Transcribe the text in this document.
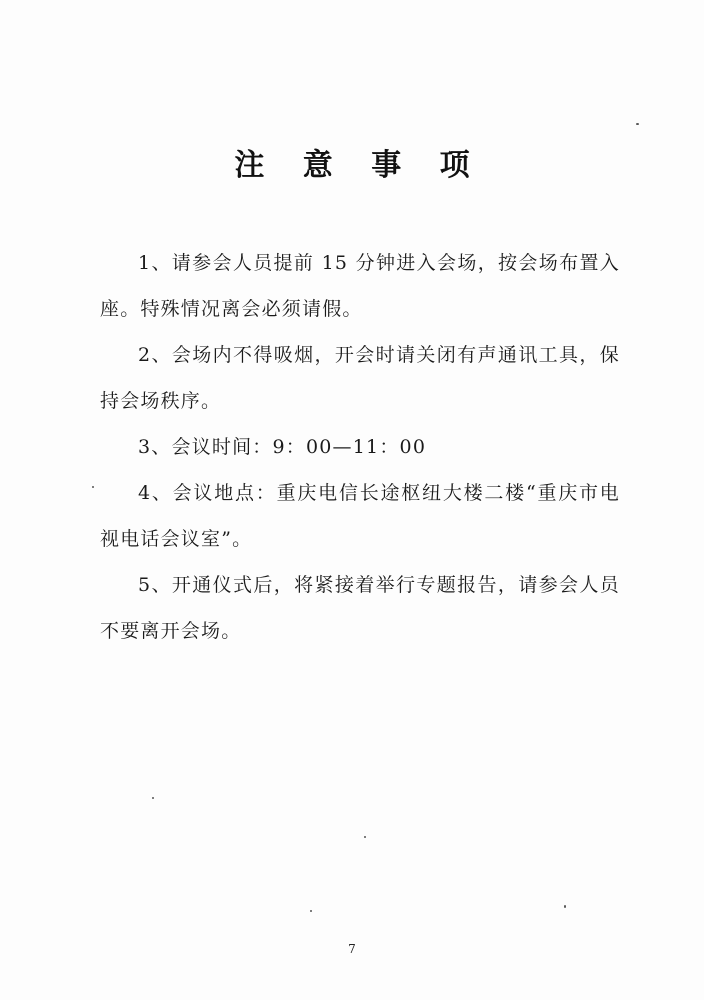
注 意 事 项

1、请参会人员提前 15 分钟进入会场，按会场布置入座。特殊情况离会必须请假。

2、会场内不得吸烟，开会时请关闭有声通讯工具，保持会场秩序。

3、会议时间：9：00—11：00

4、会议地点：重庆电信长途枢纽大楼二楼“重庆市电视电话会议室”。

5、开通仪式后，将紧接着举行专题报告，请参会人员不要离开会场。

7
